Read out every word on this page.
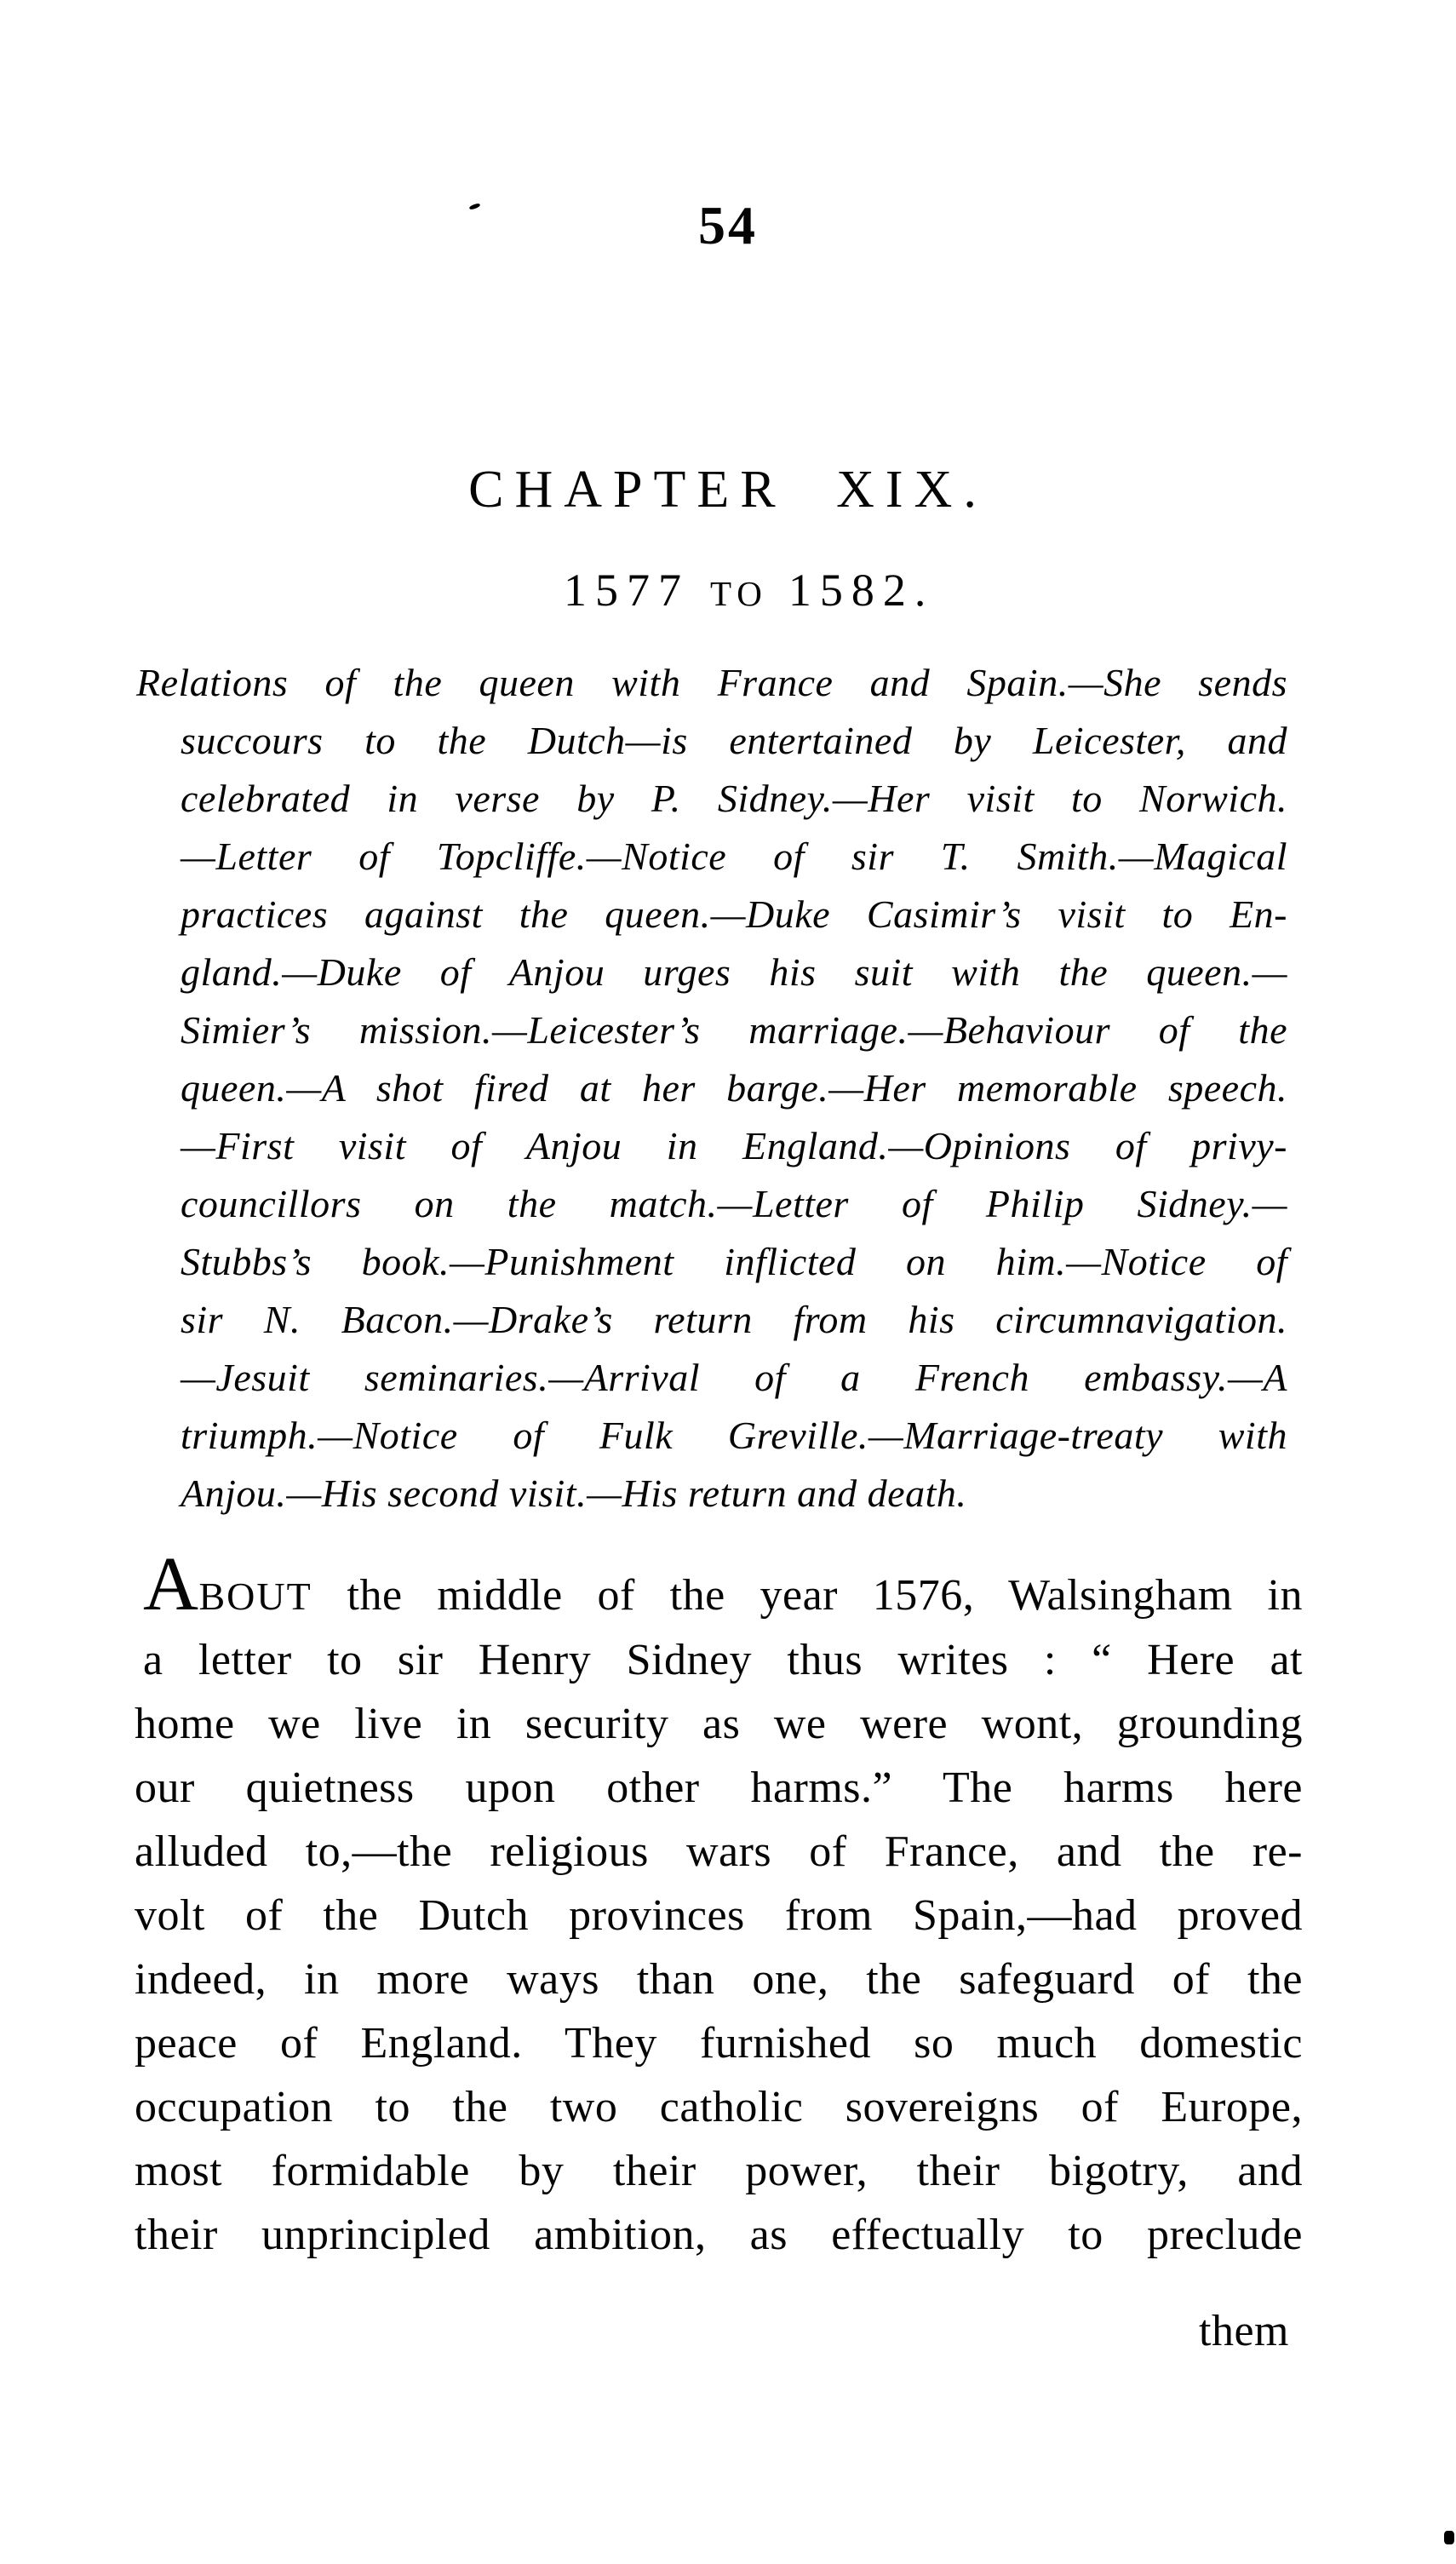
54
CHAPTER XIX.
1577 TO 1582.
Relations of the queen with France and Spain.—She sends
succours to the Dutch—is entertained by Leicester, and
celebrated in verse by P. Sidney.—Her visit to Norwich.
—Letter of Topcliffe.—Notice of sir T. Smith.—Magical
practices against the queen.—Duke Casimir’s visit to En-
gland.—Duke of Anjou urges his suit with the queen.—
Simier’s mission.—Leicester’s marriage.—Behaviour of the
queen.—A shot fired at her barge.—Her memorable speech.
—First visit of Anjou in England.—Opinions of privy-
councillors on the match.—Letter of Philip Sidney.—
Stubbs’s book.—Punishment inflicted on him.—Notice of
sir N. Bacon.—Drake’s return from his circumnavigation.
—Jesuit seminaries.—Arrival of a French embassy.—A
triumph.—Notice of Fulk Greville.—Marriage-treaty with
Anjou.—His second visit.—His return and death.
ABOUT the middle of the year 1576, Walsingham in
a letter to sir Henry Sidney thus writes : “ Here at
home we live in security as we were wont, grounding
our quietness upon other harms.” The harms here
alluded to,—the religious wars of France, and the re-
volt of the Dutch provinces from Spain,—had proved
indeed, in more ways than one, the safeguard of the
peace of England. They furnished so much domestic
occupation to the two catholic sovereigns of Europe,
most formidable by their power, their bigotry, and
their unprincipled ambition, as effectually to preclude
them
